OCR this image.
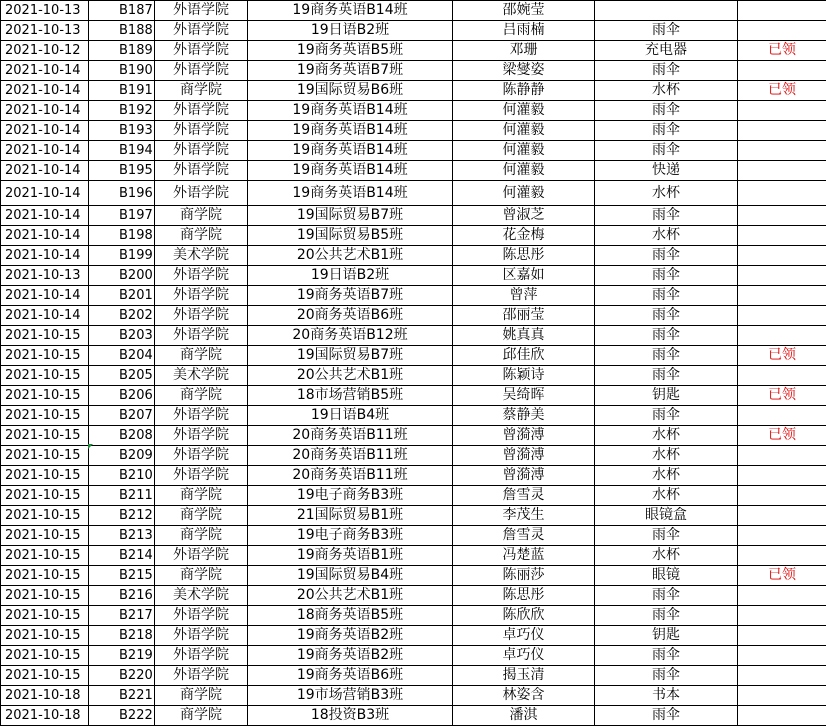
2021-10-13	B187	外语学院	19商务英语B14班	邵婉莹		
2021-10-13	B188	外语学院	19日语B2班	吕雨楠	雨伞	
2021-10-12	B189	外语学院	19商务英语B5班	邓珊	充电器	已领
2021-10-14	B190	外语学院	19商务英语B7班	梁燮姿	雨伞	
2021-10-14	B191	商学院	19国际贸易B6班	陈静静	水杯	已领
2021-10-14	B192	外语学院	19商务英语B14班	何灌毅	雨伞	
2021-10-14	B193	外语学院	19商务英语B14班	何灌毅	雨伞	
2021-10-14	B194	外语学院	19商务英语B14班	何灌毅	雨伞	
2021-10-14	B195	外语学院	19商务英语B14班	何灌毅	快递	
2021-10-14	B196	外语学院	19商务英语B14班	何灌毅	水杯	
2021-10-14	B197	商学院	19国际贸易B7班	曾淑芝	雨伞	
2021-10-14	B198	商学院	19国际贸易B5班	花金梅	水杯	
2021-10-14	B199	美术学院	20公共艺术B1班	陈思彤	雨伞	
2021-10-13	B200	外语学院	19日语B2班	区嘉如	雨伞	
2021-10-14	B201	外语学院	19商务英语B7班	曾萍	雨伞	
2021-10-14	B202	外语学院	20商务英语B6班	邵丽莹	雨伞	
2021-10-15	B203	外语学院	20商务英语B12班	姚真真	雨伞	
2021-10-15	B204	商学院	19国际贸易B7班	邱佳欣	雨伞	已领
2021-10-15	B205	美术学院	20公共艺术B1班	陈颖诗	雨伞	
2021-10-15	B206	商学院	18市场营销B5班	吴绮晖	钥匙	已领
2021-10-15	B207	外语学院	19日语B4班	蔡静美	雨伞	
2021-10-15	B208	外语学院	20商务英语B11班	曾漪溥	水杯	已领
2021-10-15	B209	外语学院	20商务英语B11班	曾漪溥	水杯	
2021-10-15	B210	外语学院	20商务英语B11班	曾漪溥	水杯	
2021-10-15	B211	商学院	19电子商务B3班	詹雪灵	水杯	
2021-10-15	B212	商学院	21国际贸易B1班	李茂生	眼镜盒	
2021-10-15	B213	商学院	19电子商务B3班	詹雪灵	雨伞	
2021-10-15	B214	外语学院	19商务英语B1班	冯楚蓝	水杯	
2021-10-15	B215	商学院	19国际贸易B4班	陈丽莎	眼镜	已领
2021-10-15	B216	美术学院	20公共艺术B1班	陈思彤	雨伞	
2021-10-15	B217	外语学院	18商务英语B5班	陈欣欣	雨伞	
2021-10-15	B218	外语学院	19商务英语B2班	卓巧仪	钥匙	
2021-10-15	B219	外语学院	19商务英语B2班	卓巧仪	雨伞	
2021-10-15	B220	外语学院	19商务英语B6班	揭玉清	雨伞	
2021-10-18	B221	商学院	19市场营销B3班	林姿含	书本	
2021-10-18	B222	商学院	18投资B3班	潘淇	雨伞	
